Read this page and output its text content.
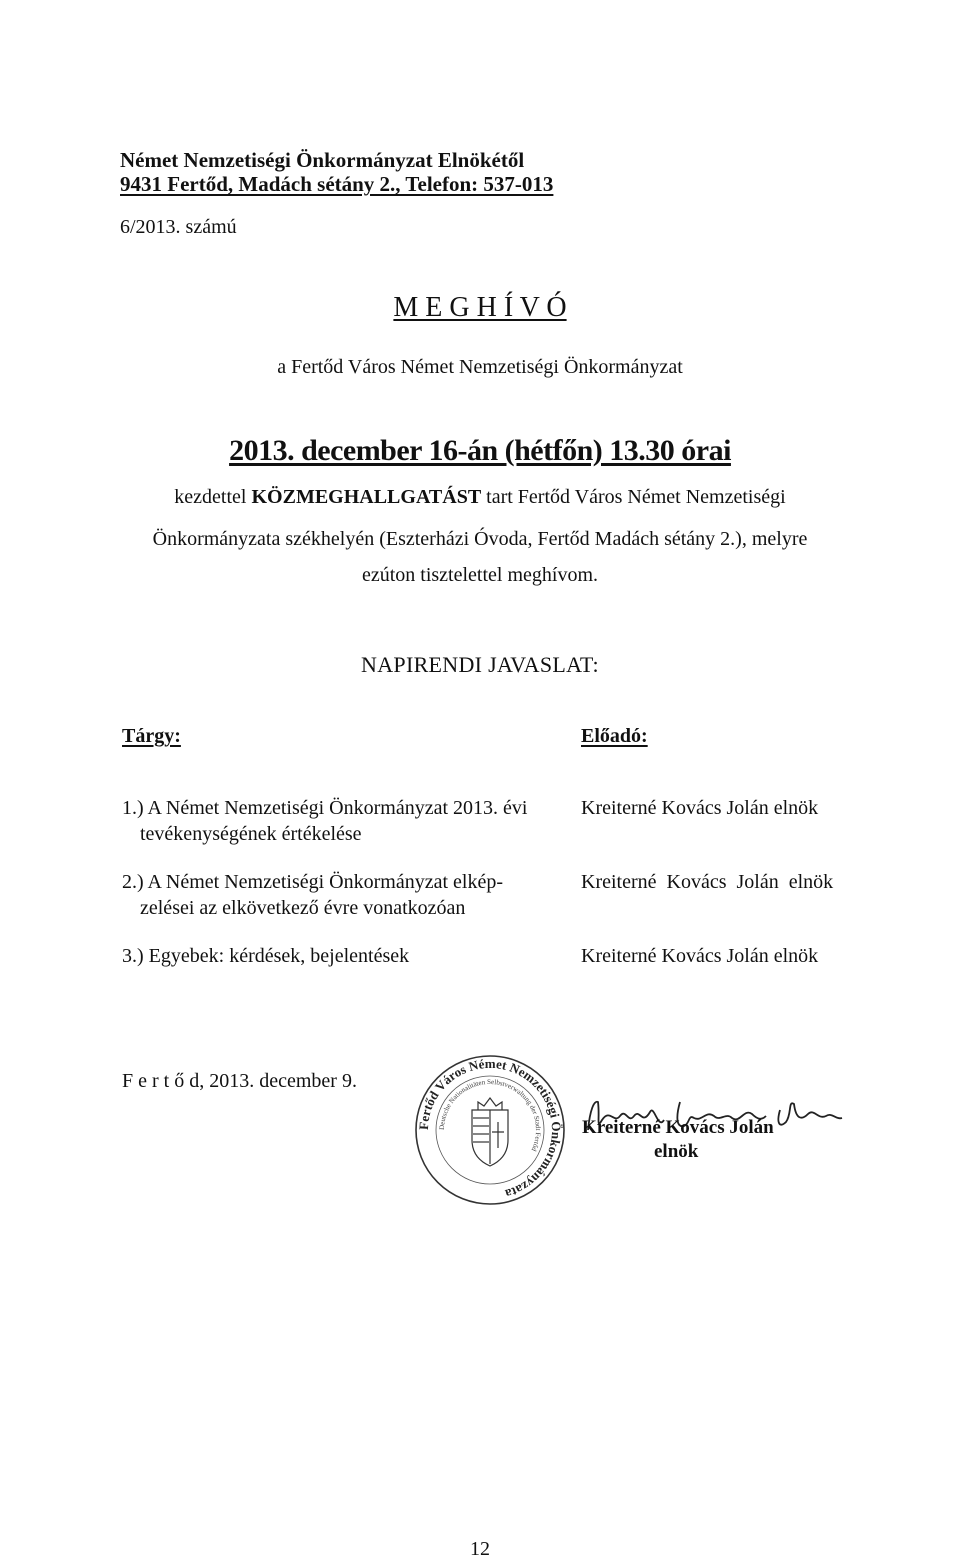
Német Nemzetiségi Önkormányzat Elnökétől
9431 Fertőd, Madách sétány 2., Telefon: 537-013
6/2013. számú
M E G H Í V Ó
a Fertőd Város Német Nemzetiségi Önkormányzat
2013. december 16-án (hétfőn) 13.30 órai
kezdettel KÖZMEGHALLGATÁST tart Fertőd Város Német Nemzetiségi
Önkormányzata székhelyén (Eszterházi Óvoda, Fertőd Madách sétány 2.), melyre
ezúton tisztelettel meghívom.
NAPIRENDI JAVASLAT:
Tárgy:	Előadó:
1.) A Német Nemzetiségi Önkormányzat 2013. évi
tevékenységének értékelése
Kreiterné Kovács Jolán elnök
2.) A Német Nemzetiségi Önkormányzat elkép-
zelései az elkövetkező évre vonatkozóan
Kreiterné  Kovács  Jolán  elnök
3.) Egyebek: kérdések, bejelentések	Kreiterné Kovács Jolán elnök
F e r t ő d, 2013. december 9.
Fertőd Város Német Nemzetiségi Önkormányzata
Deutsche Nationalitäten Selbstverwaltung der Stadt Fertőd
Kreiterné Kovács Jolán
elnök
12
